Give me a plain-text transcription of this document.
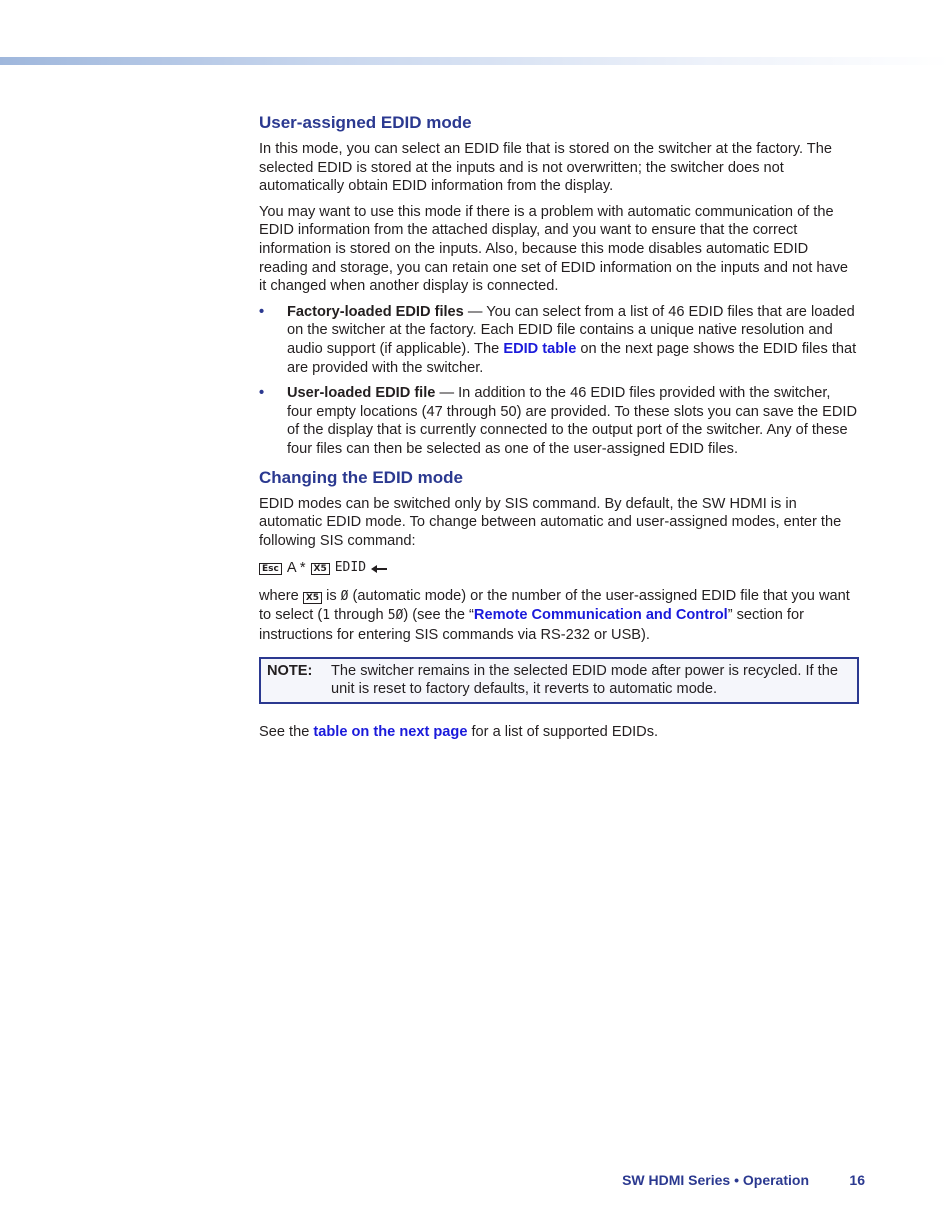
User-assigned EDID mode

In this mode, you can select an EDID file that is stored on the switcher at the factory. The selected EDID is stored at the inputs and is not overwritten; the switcher does not automatically obtain EDID information from the display.

You may want to use this mode if there is a problem with automatic communication of the EDID information from the attached display, and you want to ensure that the correct information is stored on the inputs. Also, because this mode disables automatic EDID reading and storage, you can retain one set of EDID information on the inputs and not have it changed when another display is connected.

• Factory-loaded EDID files — You can select from a list of 46 EDID files that are loaded on the switcher at the factory. Each EDID file contains a unique native resolution and audio support (if applicable). The EDID table on the next page shows the EDID files that are provided with the switcher.
• User-loaded EDID file — In addition to the 46 EDID files provided with the switcher, four empty locations (47 through 50) are provided. To these slots you can save the EDID of the display that is currently connected to the output port of the switcher. Any of these four files can then be selected as one of the user-assigned EDID files.
Changing the EDID mode

EDID modes can be switched only by SIS command. By default, the SW HDMI is in automatic EDID mode. To change between automatic and user-assigned modes, enter the following SIS command:

Esc A * X5 EDID

where X5 is Ø (automatic mode) or the number of the user-assigned EDID file that you want to select (1 through 5Ø) (see the “Remote Communication and Control” section for instructions for entering SIS commands via RS-232 or USB).

NOTE:	The switcher remains in the selected EDID mode after power is recycled. If the unit is reset to factory defaults, it reverts to automatic mode.

See the table on the next page for a list of supported EDIDs.

SW HDMI Series • Operation	16
